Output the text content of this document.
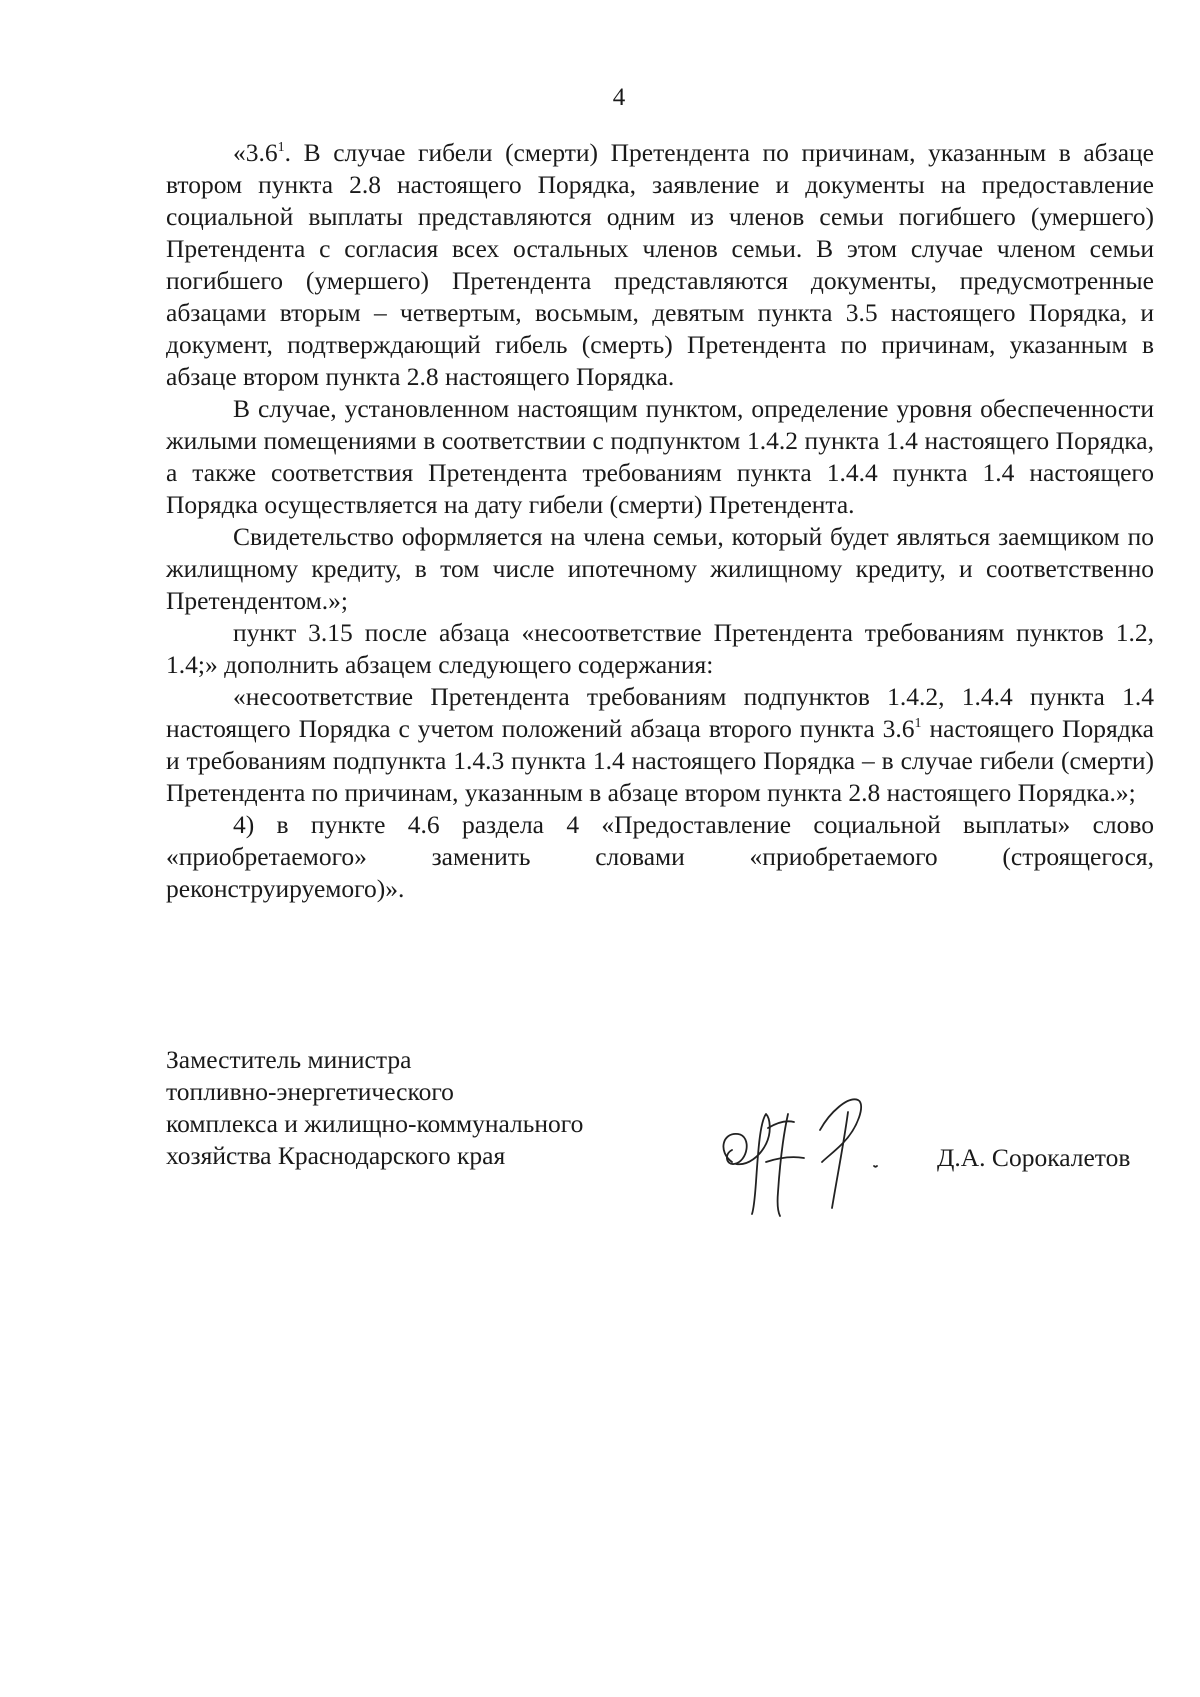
4

«$3.6^1$. В случае гибели (смерти) Претендента по причинам, указанным в абзаце втором пункта 2.8 настоящего Порядка, заявление и документы на предоставление социальной выплаты представляются одним из членов семьи погибшего (умершего) Претендента с согласия всех остальных членов семьи. В этом случае членом семьи погибшего (умершего) Претендента представляются документы, предусмотренные абзацами вторым – четвертым, восьмым, девятым пункта 3.5 настоящего Порядка, и документ, подтверждающий гибель (смерть) Претендента по причинам, указанным в абзаце втором пункта 2.8 настоящего Порядка.

В случае, установленном настоящим пунктом, определение уровня обеспеченности жилыми помещениями в соответствии с подпунктом 1.4.2 пункта 1.4 настоящего Порядка, а также соответствия Претендента требованиям пункта 1.4.4 пункта 1.4 настоящего Порядка осуществляется на дату гибели (смерти) Претендента.

Свидетельство оформляется на члена семьи, который будет являться заемщиком по жилищному кредиту, в том числе ипотечному жилищному кредиту, и соответственно Претендентом.»;

пункт 3.15 после абзаца «несоответствие Претендента требованиям пунктов 1.2, 1.4;» дополнить абзацем следующего содержания:

«несоответствие Претендента требованиям подпунктов 1.4.2, 1.4.4 пункта 1.4 настоящего Порядка с учетом положений абзаца второго пункта $3.6^1$ настоящего Порядка и требованиям подпункта 1.4.3 пункта 1.4 настоящего Порядка – в случае гибели (смерти) Претендента по причинам, указанным в абзаце втором пункта 2.8 настоящего Порядка.»;

4) в пункте 4.6 раздела 4 «Предоставление социальной выплаты» слово «приобретаемого» заменить словами «приобретаемого (строящегося, реконструируемого)».

Заместитель министра
топливно-энергетического
комплекса и жилищно-коммунального
хозяйства Краснодарского края	Д.А. Сорокалетов
